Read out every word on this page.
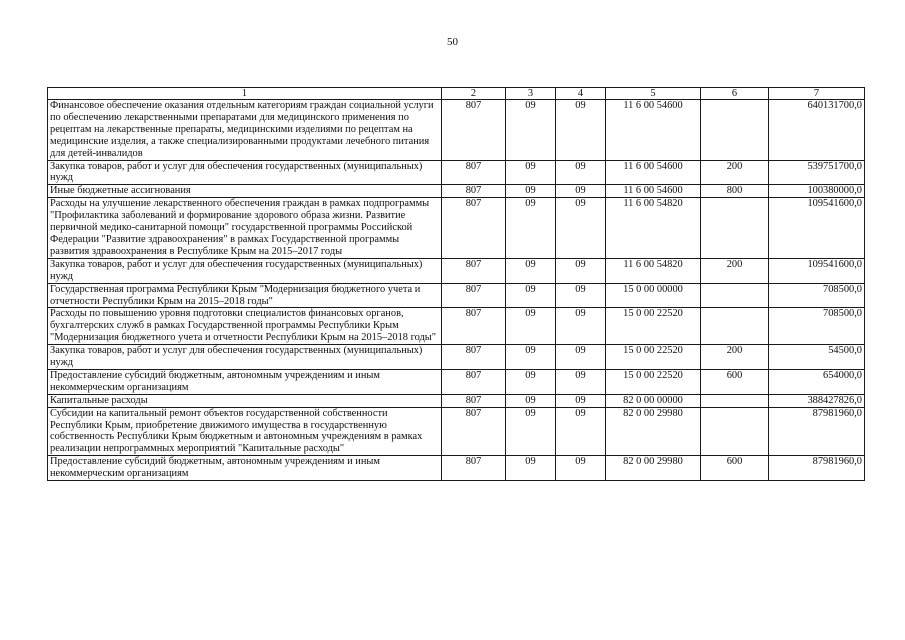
50
1	2	3	4	5	6	7
Финансовое обеспечение оказания отдельным категориям граждан социальной услуги по обеспечению лекарственными препаратами для медицинского применения по рецептам на лекарственные препараты, медицинскими изделиями по рецептам на медицинские изделия, а также специализированными продуктами лечебного питания для детей-инвалидов	807	09	09	11 6 00 54600		640131700,0
Закупка товаров, работ и услуг для обеспечения государственных (муниципальных) нужд	807	09	09	11 6 00 54600	200	539751700,0
Иные бюджетные ассигнования	807	09	09	11 6 00 54600	800	100380000,0
Расходы на улучшение лекарственного обеспечения граждан в рамках подпрограммы "Профилактика заболеваний и формирование здорового образа жизни. Развитие первичной медико-санитарной помощи" государственной программы Российской Федерации "Развитие здравоохранения" в рамках Государственной программы развития здравоохранения в Республике Крым на 2015–2017 годы	807	09	09	11 6 00 54820		109541600,0
Закупка товаров, работ и услуг для обеспечения государственных (муниципальных) нужд	807	09	09	11 6 00 54820	200	109541600,0
Государственная программа Республики Крым "Модернизация бюджетного учета и отчетности Республики Крым на 2015–2018 годы"	807	09	09	15 0 00 00000		708500,0
Расходы по повышению уровня подготовки специалистов финансовых органов, бухгалтерских служб в рамках Государственной программы Республики Крым "Модернизация бюджетного учета и отчетности Республики Крым на 2015–2018 годы"	807	09	09	15 0 00 22520		708500,0
Закупка товаров, работ и услуг для обеспечения государственных (муниципальных) нужд	807	09	09	15 0 00 22520	200	54500,0
Предоставление субсидий бюджетным, автономным учреждениям и иным некоммерческим организациям	807	09	09	15 0 00 22520	600	654000,0
Капитальные расходы	807	09	09	82 0 00 00000		388427826,0
Субсидии на капитальный ремонт объектов государственной собственности Республики Крым, приобретение движимого имущества в государственную собственность Республики Крым бюджетным и автономным учреждениям в рамках реализации непрограммных мероприятий "Капитальные расходы"	807	09	09	82 0 00 29980		87981960,0
Предоставление субсидий бюджетным, автономным учреждениям и иным некоммерческим организациям	807	09	09	82 0 00 29980	600	87981960,0
